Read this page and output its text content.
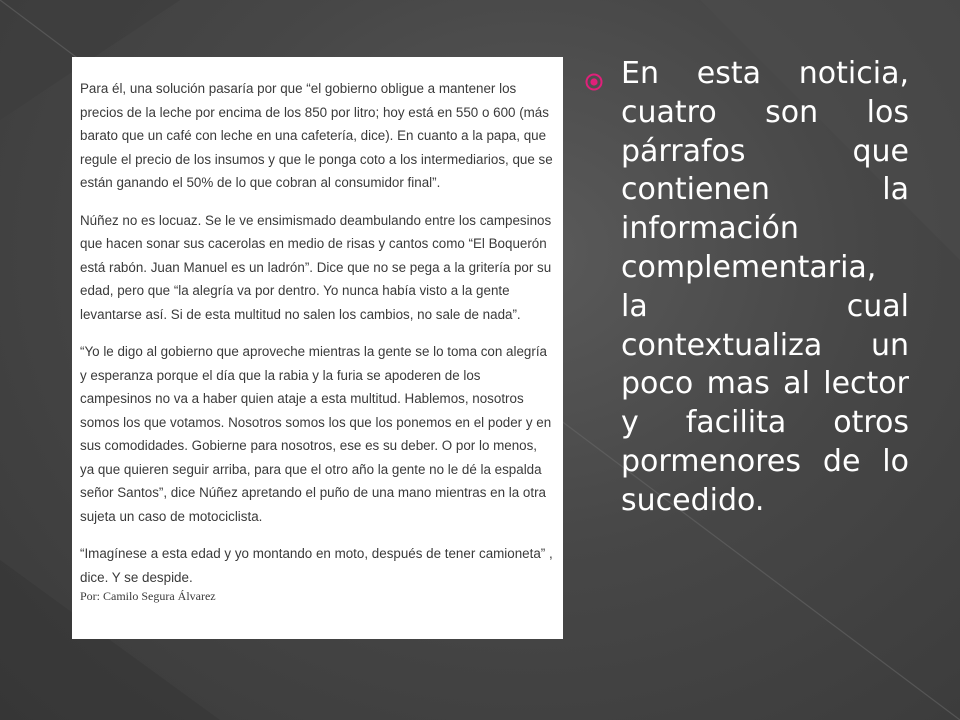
Para él, una solución pasaría por que “el gobierno obligue a mantener los precios de la leche por encima de los 850 por litro; hoy está en 550 o 600 (más barato que un café con leche en una cafetería, dice). En cuanto a la papa, que regule el precio de los insumos y que le ponga coto a los intermediarios, que se están ganando el 50% de lo que cobran al consumidor final”.

Núñez no es locuaz. Se le ve ensimismado deambulando entre los campesinos que hacen sonar sus cacerolas en medio de risas y cantos como “El Boquerón está rabón. Juan Manuel es un ladrón”. Dice que no se pega a la gritería por su edad, pero que “la alegría va por dentro. Yo nunca había visto a la gente levantarse así. Si de esta multitud no salen los cambios, no sale de nada”.

“Yo le digo al gobierno que aproveche mientras la gente se lo toma con alegría y esperanza porque el día que la rabia y la furia se apoderen de los campesinos no va a haber quien ataje a esta multitud. Hablemos, nosotros somos los que votamos. Nosotros somos los que los ponemos en el poder y en sus comodidades. Gobierne para nosotros, ese es su deber. O por lo menos, ya que quieren seguir arriba, para que el otro año la gente no le dé la espalda señor Santos”, dice Núñez apretando el puño de una mano mientras en la otra sujeta un caso de motociclista.

“Imagínese a esta edad y yo montando en moto, después de tener camioneta” , dice. Y se despide.

Por: Camilo Segura Álvarez

En esta noticia, cuatro son los párrafos que contienen la información complementaria, la cual contextualiza un poco mas al lector y facilita otros pormenores de lo sucedido.
